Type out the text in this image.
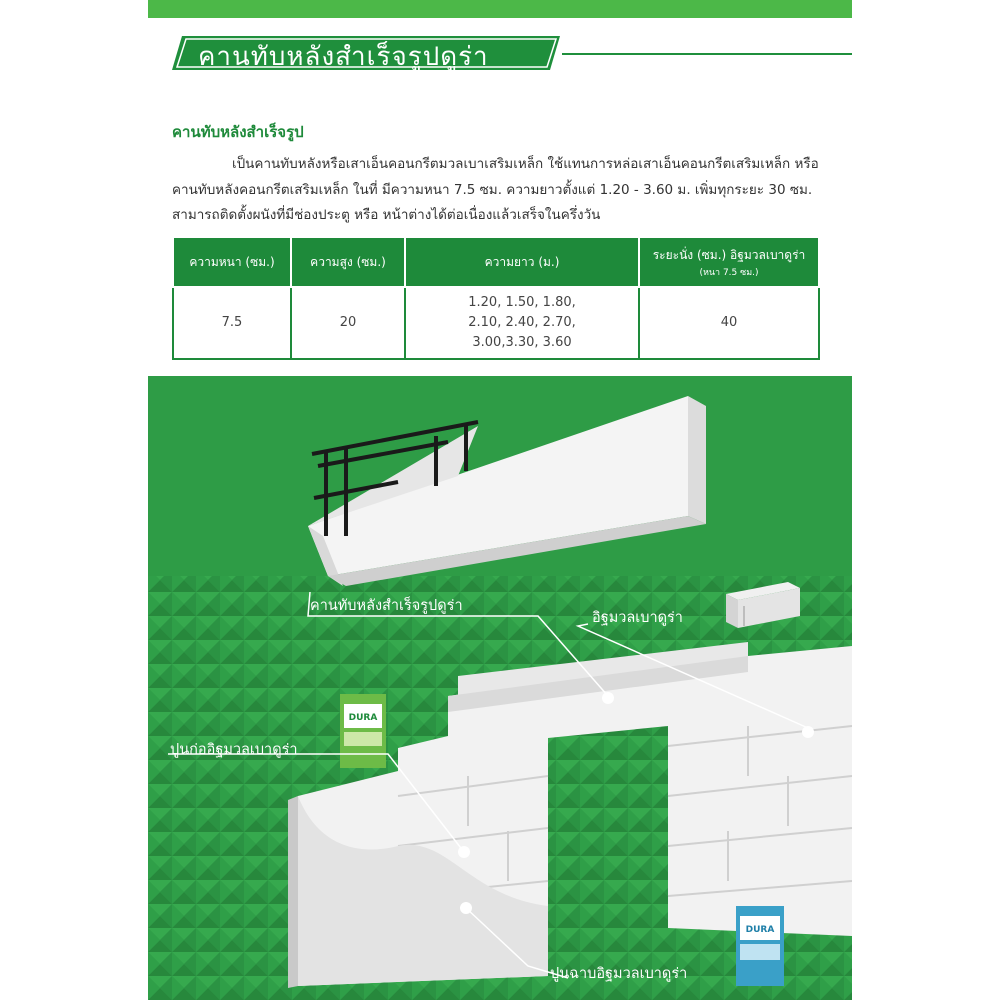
คานทับหลังสำเร็จรูปดูร่า
คานทับหลังสำเร็จรูป
เป็นคานทับหลังหรือเสาเอ็นคอนกรีตมวลเบาเสริมเหล็ก ใช้แทนการหล่อเสาเอ็นคอนกรีตเสริมเหล็ก หรือ
คานทับหลังคอนกรีตเสริมเหล็ก ในที่ มีความหนา 7.5 ซม. ความยาวตั้งแต่ 1.20 - 3.60 ม. เพิ่มทุกระยะ 30 ซม.
สามารถติดตั้งผนังที่มีช่องประตู หรือ หน้าต่างได้ต่อเนื่องแล้วเสร็จในครึ่งวัน
ความหนา (ซม.)	ความสูง (ซม.)	ความยาว (ม.)	ระยะนั่ง (ซม.) อิฐมวลเบาดูร่า
(หนา 7.5 ซม.)

7.5	20	1.20, 1.50, 1.80,
2.10, 2.40, 2.70,
3.00,3.30, 3.60	40
DURA
DURA
คานทับหลังสำเร็จรูปดูร่า
อิฐมวลเบาดูร่า
ปูนก่ออิฐมวลเบาดูร่า
ปูนฉาบอิฐมวลเบาดูร่า
